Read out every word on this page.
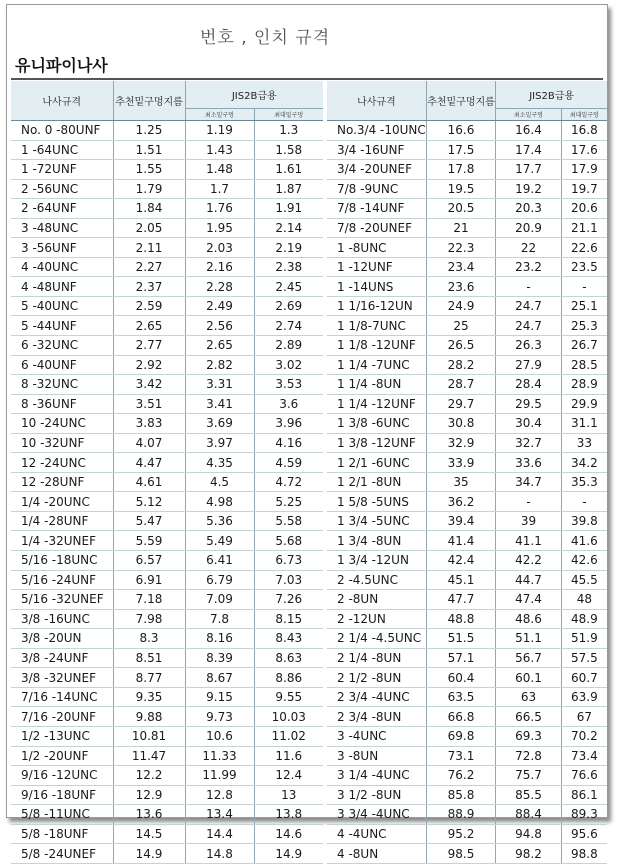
번호 , 인치 규격
유니파이나사
나사규격	추천밑구멍지름	JIS2B급용	
		최소밑구멍	최대밑구멍
No. 0 -80UNF	1.25	1.19	1.3
1 -64UNC	1.51	1.43	1.58
1 -72UNF	1.55	1.48	1.61
2 -56UNC	1.79	1.7	1.87
2 -64UNF	1.84	1.76	1.91
3 -48UNC	2.05	1.95	2.14
3 -56UNF	2.11	2.03	2.19
4 -40UNC	2.27	2.16	2.38
4 -48UNF	2.37	2.28	2.45
5 -40UNC	2.59	2.49	2.69
5 -44UNF	2.65	2.56	2.74
6 -32UNC	2.77	2.65	2.89
6 -40UNF	2.92	2.82	3.02
8 -32UNC	3.42	3.31	3.53
8 -36UNF	3.51	3.41	3.6
10 -24UNC	3.83	3.69	3.96
10 -32UNF	4.07	3.97	4.16
12 -24UNC	4.47	4.35	4.59
12 -28UNF	4.61	4.5	4.72
1/4 -20UNC	5.12	4.98	5.25
1/4 -28UNF	5.47	5.36	5.58
1/4 -32UNEF	5.59	5.49	5.68
5/16 -18UNC	6.57	6.41	6.73
5/16 -24UNF	6.91	6.79	7.03
5/16 -32UNEF	7.18	7.09	7.26
3/8 -16UNC	7.98	7.8	8.15
3/8 -20UN	8.3	8.16	8.43
3/8 -24UNF	8.51	8.39	8.63
3/8 -32UNEF	8.77	8.67	8.86
7/16 -14UNC	9.35	9.15	9.55
7/16 -20UNF	9.88	9.73	10.03
1/2 -13UNC	10.81	10.6	11.02
1/2 -20UNF	11.47	11.33	11.6
9/16 -12UNC	12.2	11.99	12.4
9/16 -18UNF	12.9	12.8	13
5/8 -11UNC	13.6	13.4	13.8
5/8 -18UNF	14.5	14.4	14.6
5/8 -24UNEF	14.9	14.8	14.9
나사규격	추천밑구멍지름	JIS2B급용	
		최소밑구멍	최대밑구멍
No.3/4 -10UNC	16.6	16.4	16.8
3/4 -16UNF	17.5	17.4	17.6
3/4 -20UNEF	17.8	17.7	17.9
7/8 -9UNC	19.5	19.2	19.7
7/8 -14UNF	20.5	20.3	20.6
7/8 -20UNEF	21	20.9	21.1
1 -8UNC	22.3	22	22.6
1 -12UNF	23.4	23.2	23.5
1 -14UNS	23.6	-	-
1 1/16-12UN	24.9	24.7	25.1
1 1/8-7UNC	25	24.7	25.3
1 1/8 -12UNF	26.5	26.3	26.7
1 1/4 -7UNC	28.2	27.9	28.5
1 1/4 -8UN	28.7	28.4	28.9
1 1/4 -12UNF	29.7	29.5	29.9
1 3/8 -6UNC	30.8	30.4	31.1
1 3/8 -12UNF	32.9	32.7	33
1 2/1 -6UNC	33.9	33.6	34.2
1 2/1 -8UN	35	34.7	35.3
1 5/8 -5UNS	36.2	-	-
1 3/4 -5UNC	39.4	39	39.8
1 3/4 -8UN	41.4	41.1	41.6
1 3/4 -12UN	42.4	42.2	42.6
2 -4.5UNC	45.1	44.7	45.5
2 -8UN	47.7	47.4	48
2 -12UN	48.8	48.6	48.9
2 1/4 -4.5UNC	51.5	51.1	51.9
2 1/4 -8UN	57.1	56.7	57.5
2 1/2 -8UN	60.4	60.1	60.7
2 3/4 -4UNC	63.5	63	63.9
2 3/4 -8UN	66.8	66.5	67
3 -4UNC	69.8	69.3	70.2
3 -8UN	73.1	72.8	73.4
3 1/4 -4UNC	76.2	75.7	76.6
3 1/2 -8UN	85.8	85.5	86.1
3 3/4 -4UNC	88.9	88.4	89.3
4 -4UNC	95.2	94.8	95.6
4 -8UN	98.5	98.2	98.8
